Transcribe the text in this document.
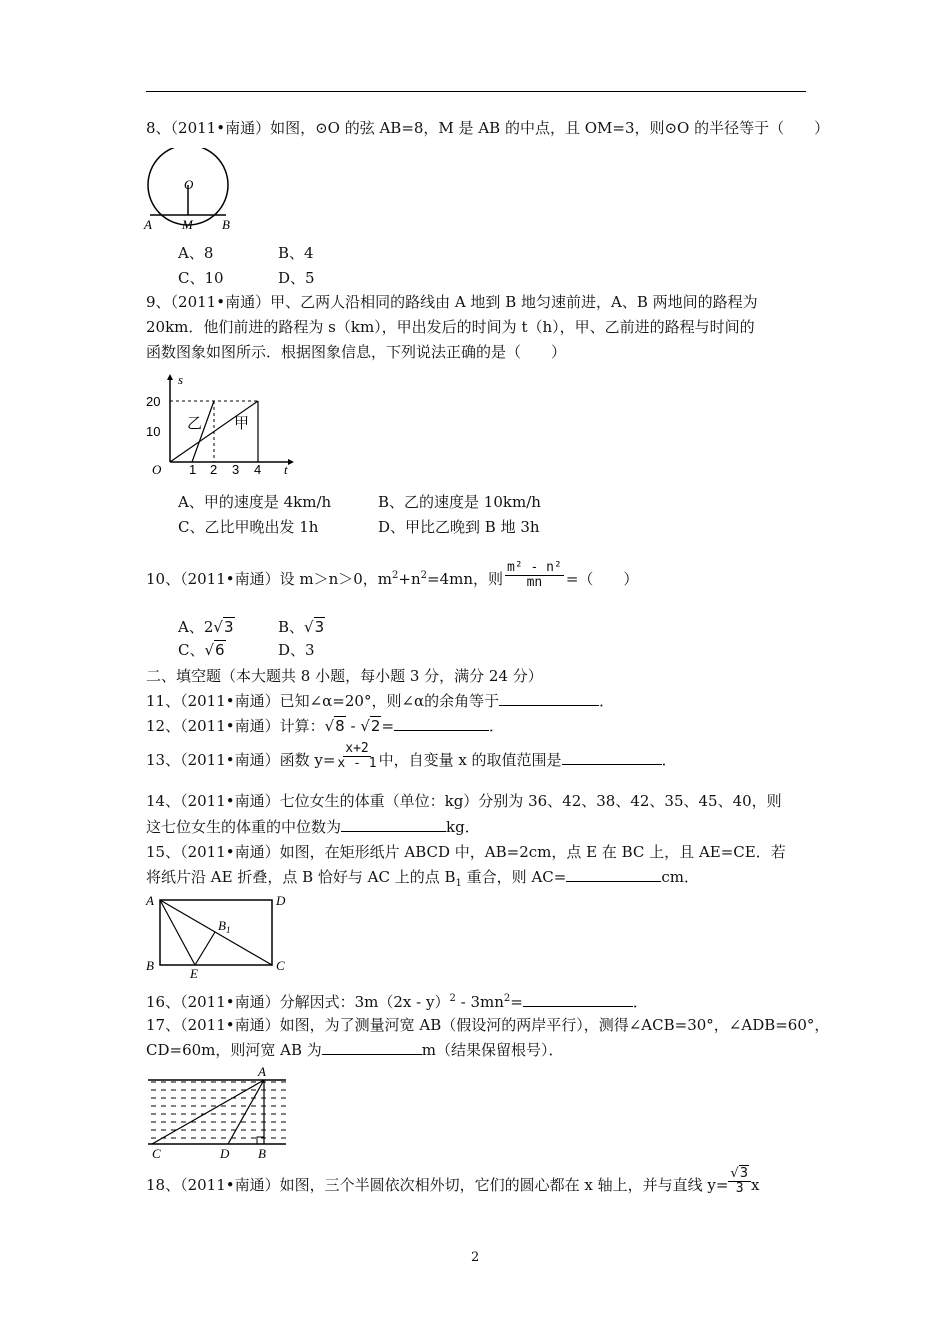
8、（2011•南通）如图，⊙O 的弦 AB=8，M 是 AB 的中点，且 OM=3，则⊙O 的半径等于（　　）
O
A M B
A、8	B、4
C、10	D、5
9、（2011•南通）甲、乙两人沿相同的路线由 A 地到 B 地匀速前进，A、B 两地间的路程为
20km．他们前进的路程为 s（km），甲出发后的时间为 t（h），甲、乙前进的路程与时间的
函数图象如图所示．根据图象信息，下列说法正确的是（　　）
s
t
O
20
10
1 2 3 4
乙 甲
A、甲的速度是 4km/h	B、乙的速度是 10km/h
C、乙比甲晚出发 1h	D、甲比乙晚到 B 地 3h
10、（2011•南通）设 m＞n＞0，$m^2+n^2=4mn$，则 $\frac{\text{m² - n²}}{mn}$ =（　　）
A、2√3	B、√3
C、√6	D、3
二、填空题（本大题共 8 小题，每小题 3 分，满分 24 分）
11、（2011•南通）已知∠α=20°，则∠α的余角等于	．
12、（2011•南通）计算：√8 - √2=	．
13、（2011•南通）函数 $y= \frac{x+2}{x - 1}$ 中，自变量 x 的取值范围是	．
14、（2011•南通）七位女生的体重（单位：kg）分别为 36、42、38、42、35、45、40，则
这七位女生的体重的中位数为	kg．
15、（2011•南通）如图，在矩形纸片 ABCD 中，AB=2cm，点 E 在 BC 上，且 AE=CE．若
将纸片沿 AE 折叠，点 B 恰好与 AC 上的点 $B_1$ 重合，则 AC=	cm．
A	D
$B_1$
B
E
C
16、（2011•南通）分解因式：$3m(2x - y)^2 - 3mn^2=$	．
17、（2011•南通）如图，为了测量河宽 AB（假设河的两岸平行），测得∠ACB=30°，∠ADB=60°，
CD=60m，则河宽 AB 为	m（结果保留根号）．
A
C	D B
18、（2011•南通）如图，三个半圆依次相外切，它们的圆心都在 x 轴上，并与直线 $y= \frac{√3}{3}$ x
2
